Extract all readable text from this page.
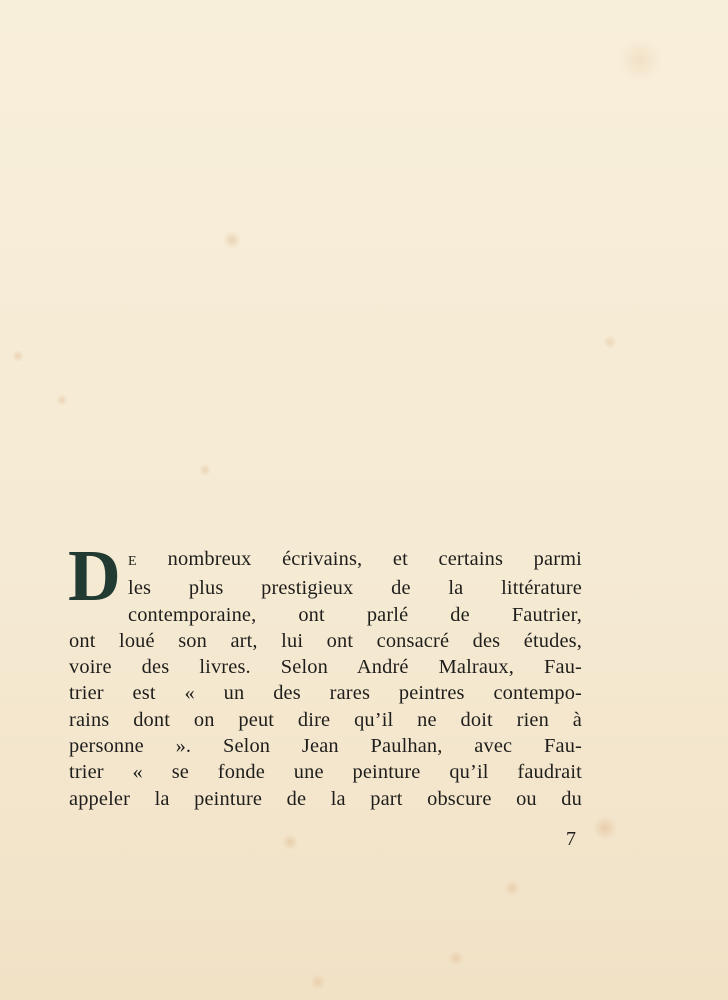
D E nombreux écrivains, et certains parmi
les plus prestigieux de la littérature
contemporaine, ont parlé de Fautrier,
ont loué son art, lui ont consacré des études,
voire des livres. Selon André Malraux, Fau-
trier est « un des rares peintres contempo-
rains dont on peut dire qu’il ne doit rien à
personne ». Selon Jean Paulhan, avec Fau-
trier « se fonde une peinture qu’il faudrait
appeler la peinture de la part obscure ou du
7
